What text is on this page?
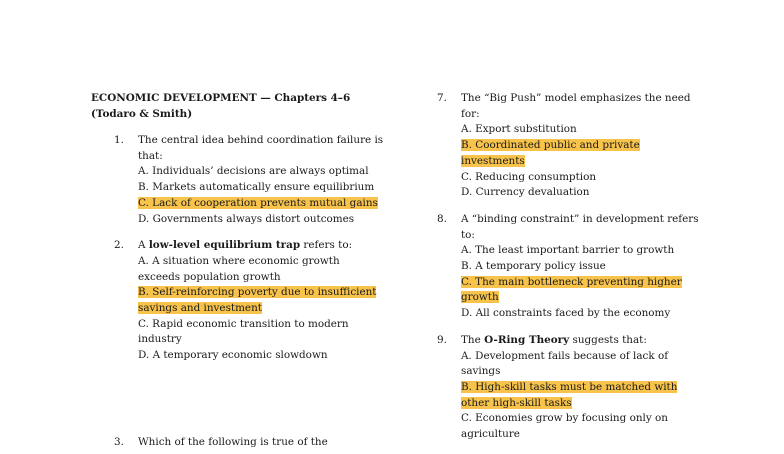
ECONOMIC DEVELOPMENT — Chapters 4–6 (Todaro & Smith)
1. The central idea behind coordination failure is that:
A. Individuals’ decisions are always optimal
B. Markets automatically ensure equilibrium
C. Lack of cooperation prevents mutual gains
D. Governments always distort outcomes
2. A low-level equilibrium trap refers to:
A. A situation where economic growth exceeds population growth
B. Self-reinforcing poverty due to insufficient savings and investment
C. Rapid economic transition to modern industry
D. A temporary economic slowdown
7. The “Big Push” model emphasizes the need for:
A. Export substitution
B. Coordinated public and private investments
C. Reducing consumption
D. Currency devaluation
8. A “binding constraint” in development refers to:
A. The least important barrier to growth
B. A temporary policy issue
C. The main bottleneck preventing higher growth
D. All constraints faced by the economy
9. The O-Ring Theory suggests that:
A. Development fails because of lack of savings
B. High-skill tasks must be matched with other high-skill tasks
C. Economies grow by focusing only on agriculture
3. Which of the following is true of the
